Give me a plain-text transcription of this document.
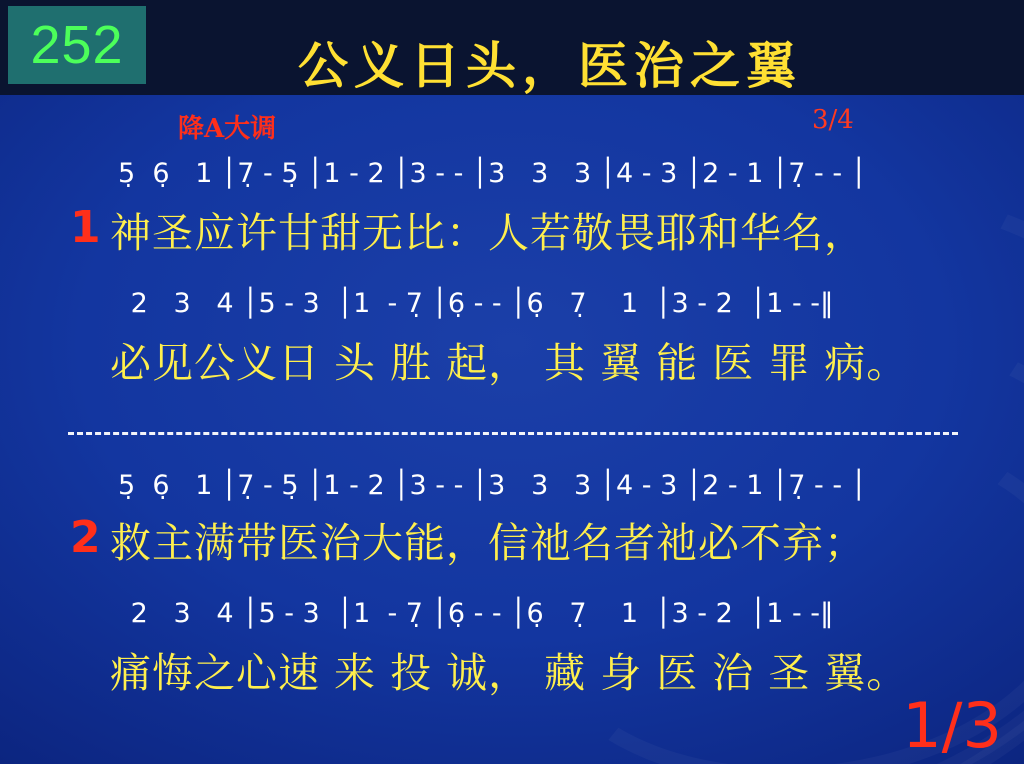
252	公义日头，医治之翼
降A大调	3/4
1
5̣  6̣   1 │7̣ - 5̣ │1 - 2 │3 - - │3   3   3 │4 - 3 │2 - 1 │7̣ - - │
神圣应许甘甜无比：人若敬畏耶和华名，
2   3   4 │5 - 3  │1  - 7̣ │6̣ - - │6̣   7̣    1  │3 - 2  │1 - -‖
必见公义日 头 胜 起， 其 翼 能 医 罪 病。
2
5̣  6̣   1 │7̣ - 5̣ │1 - 2 │3 - - │3   3   3 │4 - 3 │2 - 1 │7̣ - - │
救主满带医治大能，信祂名者祂必不弃；
2   3   4 │5 - 3  │1  - 7̣ │6̣ - - │6̣   7̣    1  │3 - 2  │1 - -‖
痛悔之心速 来 投 诚， 藏 身 医 治 圣 翼。
1/3
